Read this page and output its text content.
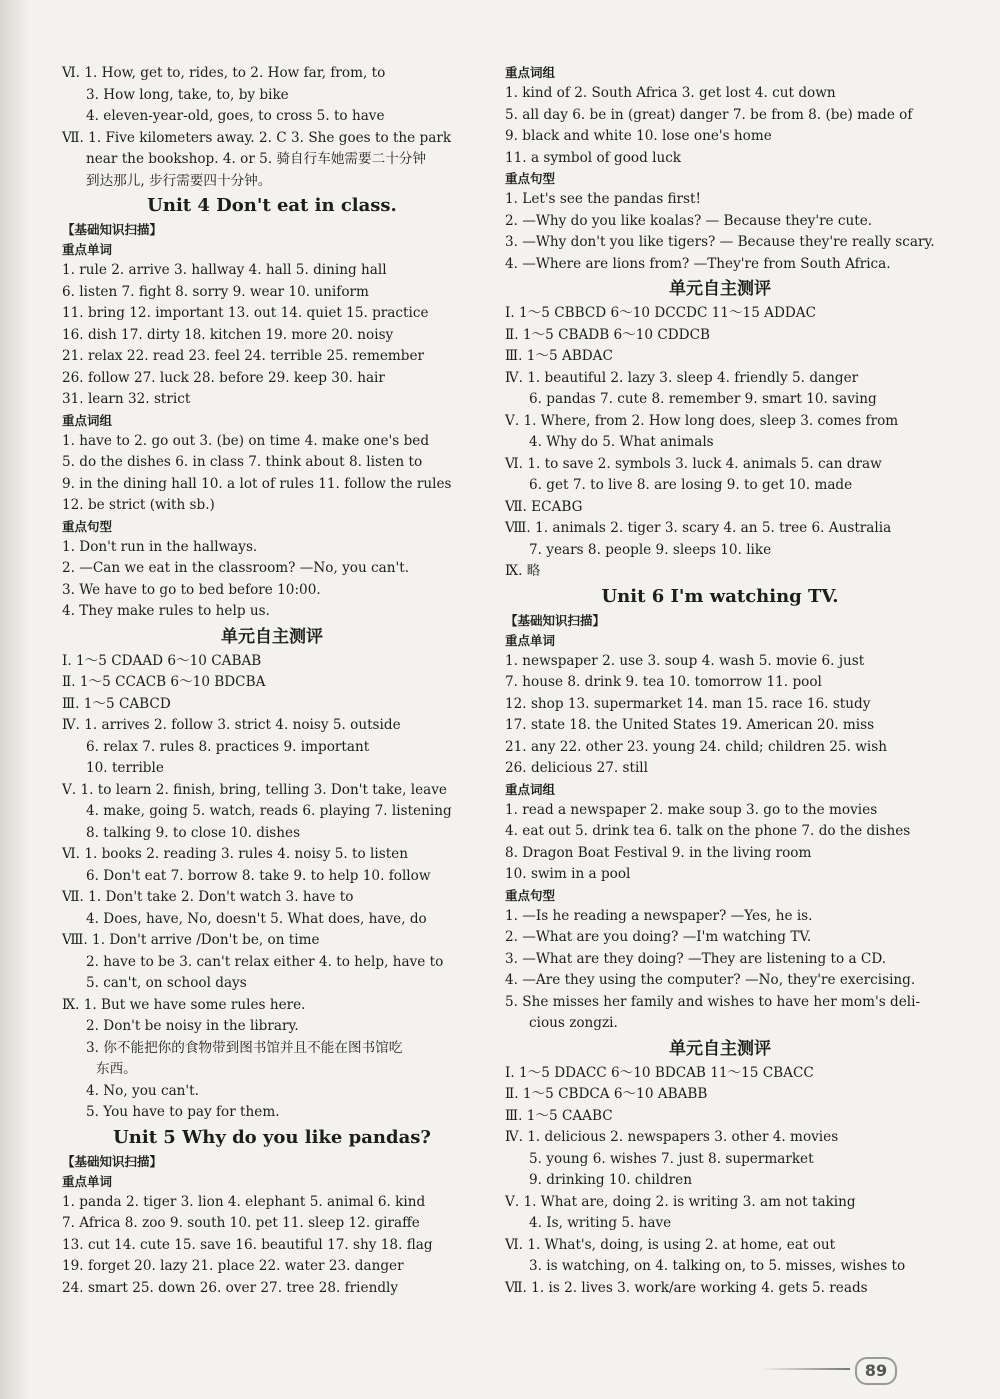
Ⅵ. 1. How, get to, rides, to 2. How far, from, to
3. How long, take, to, by bike
4. eleven-year-old, goes, to cross 5. to have
Ⅶ. 1. Five kilometers away. 2. C 3. She goes to the park
near the bookshop. 4. or 5. 骑自行车她需要二十分钟
到达那儿, 步行需要四十分钟。
Unit 4 Don't eat in class.
【基础知识扫描】
重点单词
1. rule 2. arrive 3. hallway 4. hall 5. dining hall
6. listen 7. fight 8. sorry 9. wear 10. uniform
11. bring 12. important 13. out 14. quiet 15. practice
16. dish 17. dirty 18. kitchen 19. more 20. noisy
21. relax 22. read 23. feel 24. terrible 25. remember
26. follow 27. luck 28. before 29. keep 30. hair
31. learn 32. strict
重点词组
1. have to 2. go out 3. (be) on time 4. make one's bed
5. do the dishes 6. in class 7. think about 8. listen to
9. in the dining hall 10. a lot of rules 11. follow the rules
12. be strict (with sb.)
重点句型
1. Don't run in the hallways.
2. —Can we eat in the classroom? —No, you can't.
3. We have to go to bed before 10:00.
4. They make rules to help us.
单元自主测评
Ⅰ. 1～5 CDAAD 6～10 CABAB
Ⅱ. 1～5 CCACB 6～10 BDCBA
Ⅲ. 1～5 CABCD
Ⅳ. 1. arrives 2. follow 3. strict 4. noisy 5. outside
6. relax 7. rules 8. practices 9. important
10. terrible
Ⅴ. 1. to learn 2. finish, bring, telling 3. Don't take, leave
4. make, going 5. watch, reads 6. playing 7. listening
8. talking 9. to close 10. dishes
Ⅵ. 1. books 2. reading 3. rules 4. noisy 5. to listen
6. Don't eat 7. borrow 8. take 9. to help 10. follow
Ⅶ. 1. Don't take 2. Don't watch 3. have to
4. Does, have, No, doesn't 5. What does, have, do
Ⅷ. 1. Don't arrive /Don't be, on time
2. have to be 3. can't relax either 4. to help, have to
5. can't, on school days
Ⅸ. 1. But we have some rules here.
2. Don't be noisy in the library.
3. 你不能把你的食物带到图书馆并且不能在图书馆吃
东西。
4. No, you can't.
5. You have to pay for them.
Unit 5 Why do you like pandas?
【基础知识扫描】
重点单词
1. panda 2. tiger 3. lion 4. elephant 5. animal 6. kind
7. Africa 8. zoo 9. south 10. pet 11. sleep 12. giraffe
13. cut 14. cute 15. save 16. beautiful 17. shy 18. flag
19. forget 20. lazy 21. place 22. water 23. danger
24. smart 25. down 26. over 27. tree 28. friendly
重点词组
1. kind of 2. South Africa 3. get lost 4. cut down
5. all day 6. be in (great) danger 7. be from 8. (be) made of
9. black and white 10. lose one's home
11. a symbol of good luck
重点句型
1. Let's see the pandas first!
2. —Why do you like koalas? — Because they're cute.
3. —Why don't you like tigers? — Because they're really scary.
4. —Where are lions from? —They're from South Africa.
单元自主测评
Ⅰ. 1～5 CBBCD 6～10 DCCDC 11～15 ADDAC
Ⅱ. 1～5 CBADB 6～10 CDDCB
Ⅲ. 1～5 ABDAC
Ⅳ. 1. beautiful 2. lazy 3. sleep 4. friendly 5. danger
6. pandas 7. cute 8. remember 9. smart 10. saving
Ⅴ. 1. Where, from 2. How long does, sleep 3. comes from
4. Why do 5. What animals
Ⅵ. 1. to save 2. symbols 3. luck 4. animals 5. can draw
6. get 7. to live 8. are losing 9. to get 10. made
Ⅶ. ECABG
Ⅷ. 1. animals 2. tiger 3. scary 4. an 5. tree 6. Australia
7. years 8. people 9. sleeps 10. like
Ⅸ. 略
Unit 6 I'm watching TV.
【基础知识扫描】
重点单词
1. newspaper 2. use 3. soup 4. wash 5. movie 6. just
7. house 8. drink 9. tea 10. tomorrow 11. pool
12. shop 13. supermarket 14. man 15. race 16. study
17. state 18. the United States 19. American 20. miss
21. any 22. other 23. young 24. child; children 25. wish
26. delicious 27. still
重点词组
1. read a newspaper 2. make soup 3. go to the movies
4. eat out 5. drink tea 6. talk on the phone 7. do the dishes
8. Dragon Boat Festival 9. in the living room
10. swim in a pool
重点句型
1. —Is he reading a newspaper? —Yes, he is.
2. —What are you doing? —I'm watching TV.
3. —What are they doing? —They are listening to a CD.
4. —Are they using the computer? —No, they're exercising.
5. She misses her family and wishes to have her mom's deli-
cious zongzi.
单元自主测评
Ⅰ. 1～5 DDACC 6～10 BDCAB 11～15 CBACC
Ⅱ. 1～5 CBDCA 6～10 ABABB
Ⅲ. 1～5 CAABC
Ⅳ. 1. delicious 2. newspapers 3. other 4. movies
5. young 6. wishes 7. just 8. supermarket
9. drinking 10. children
Ⅴ. 1. What are, doing 2. is writing 3. am not taking
4. Is, writing 5. have
Ⅵ. 1. What's, doing, is using 2. at home, eat out
3. is watching, on 4. talking on, to 5. misses, wishes to
Ⅶ. 1. is 2. lives 3. work/are working 4. gets 5. reads
89
